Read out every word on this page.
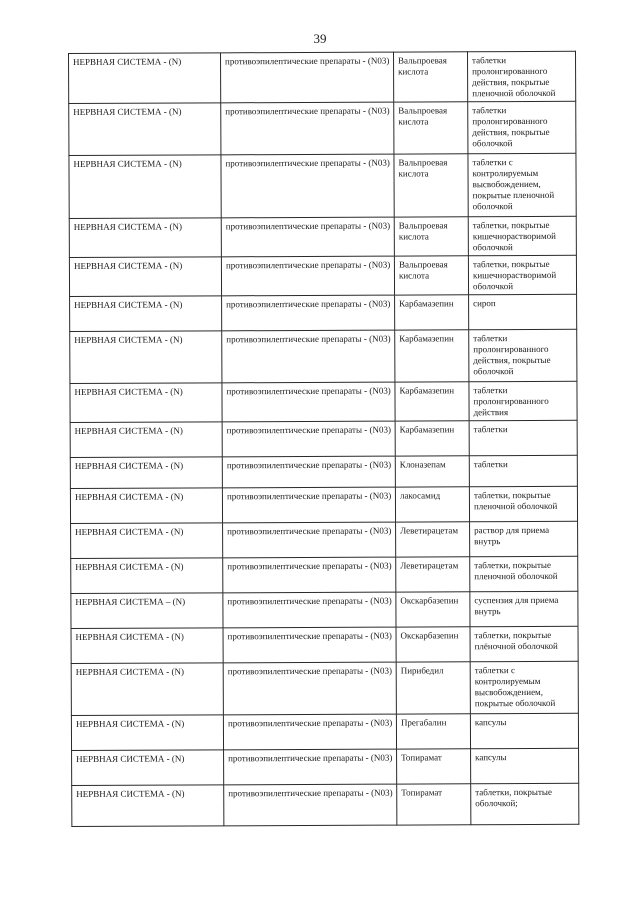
39
НЕРВНАЯ СИСТЕМА - (N)	противоэпилептические препараты - (N03)	Вальпроевая кислота	таблетки пролонгированного действия, покрытые пленочной оболочкой
НЕРВНАЯ СИСТЕМА - (N)	противоэпилептические препараты - (N03)	Вальпроевая кислота	таблетки пролонгированного действия, покрытые оболочкой
НЕРВНАЯ СИСТЕМА - (N)	противоэпилептические препараты - (N03)	Вальпроевая кислота	таблетки с контролируемым высвобождением, покрытые пленочной оболочкой
НЕРВНАЯ СИСТЕМА - (N)	противоэпилептические препараты - (N03)	Вальпроевая кислота	таблетки, покрытые кишечнорастворимой оболочкой
НЕРВНАЯ СИСТЕМА - (N)	противоэпилептические препараты - (N03)	Вальпроевая кислота	таблетки, покрытые кишечнорастворимой оболочкой
НЕРВНАЯ СИСТЕМА - (N)	противоэпилептические препараты - (N03)	Карбамазепин	сироп
НЕРВНАЯ СИСТЕМА - (N)	противоэпилептические препараты - (N03)	Карбамазепин	таблетки пролонгированного действия, покрытые оболочкой
НЕРВНАЯ СИСТЕМА - (N)	противоэпилептические препараты - (N03)	Карбамазепин	таблетки пролонгированного действия
НЕРВНАЯ СИСТЕМА - (N)	противоэпилептические препараты - (N03)	Карбамазепин	таблетки
НЕРВНАЯ СИСТЕМА - (N)	противоэпилептические препараты - (N03)	Клоназепам	таблетки
НЕРВНАЯ СИСТЕМА - (N)	противоэпилептические препараты - (N03)	лакосамид	таблетки, покрытые пленочной оболочкой
НЕРВНАЯ СИСТЕМА - (N)	противоэпилептические препараты - (N03)	Леветирацетам	раствор для приема внутрь
НЕРВНАЯ СИСТЕМА - (N)	противоэпилептические препараты - (N03)	Леветирацетам	таблетки, покрытые пленочной оболочкой
НЕРВНАЯ СИСТЕМА – (N)	противоэпилептические препараты - (N03)	Окскарбазепин	суспензия для приема внутрь
НЕРВНАЯ СИСТЕМА - (N)	противоэпилептические препараты - (N03)	Окскарбазепин	таблетки, покрытые плёночной оболочкой
НЕРВНАЯ СИСТЕМА - (N)	противоэпилептические препараты - (N03)	Пирибедил	таблетки с контролируемым высвобождением, покрытые оболочкой
НЕРВНАЯ СИСТЕМА - (N)	противоэпилептические препараты - (N03)	Прегабалин	капсулы
НЕРВНАЯ СИСТЕМА - (N)	противоэпилептические препараты - (N03)	Топирамат	капсулы
НЕРВНАЯ СИСТЕМА - (N)	противоэпилептические препараты - (N03)	Топирамат	таблетки, покрытые оболочкой;
